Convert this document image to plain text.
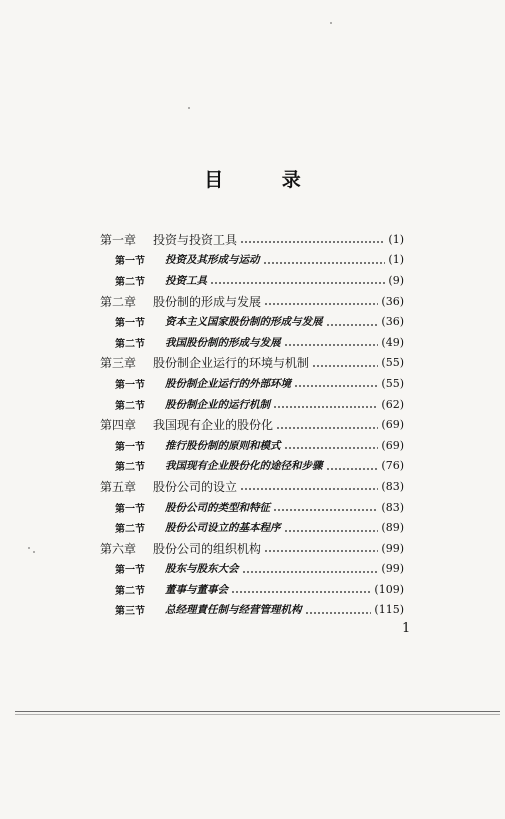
目 录
第一章	投资与投资工具	(1)
第一节	投资及其形成与运动	(1)
第二节	投资工具	(9)
第二章	股份制的形成与发展	(36)
第一节	资本主义国家股份制的形成与发展	(36)
第二节	我国股份制的形成与发展	(49)
第三章	股份制企业运行的环境与机制	(55)
第一节	股份制企业运行的外部环境	(55)
第二节	股份制企业的运行机制	(62)
第四章	我国现有企业的股份化	(69)
第一节	推行股份制的原则和模式	(69)
第二节	我国现有企业股份化的途径和步骤	(76)
第五章	股份公司的设立	(83)
第一节	股份公司的类型和特征	(83)
第二节	股份公司设立的基本程序	(89)
第六章	股份公司的组织机构	(99)
第一节	股东与股东大会	(99)
第二节	董事与董事会	(109)
第三节	总经理責任制与经营管理机构	(115)
1
